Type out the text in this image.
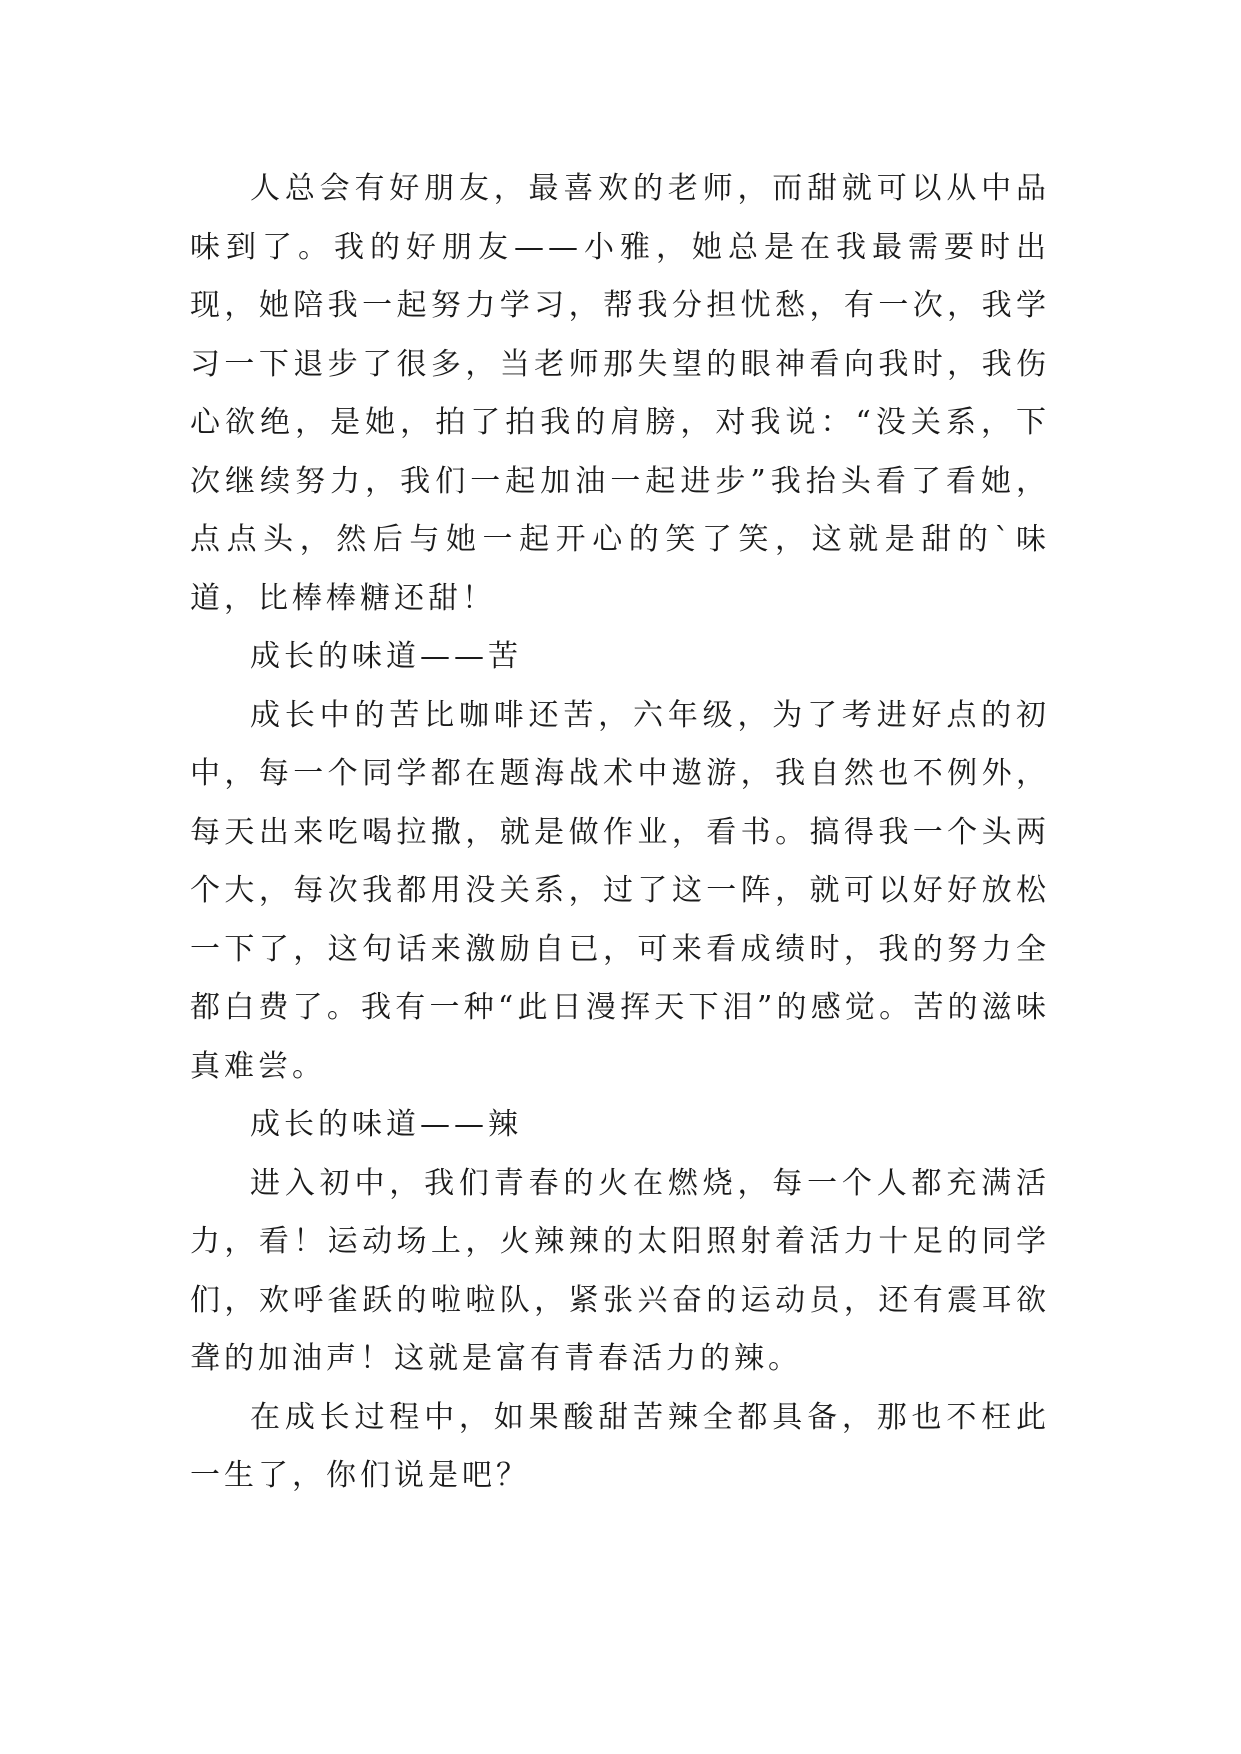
人总会有好朋友，最喜欢的老师，而甜就可以从中品味到了。我的好朋友——小雅，她总是在我最需要时出现，她陪我一起努力学习，帮我分担忧愁，有一次，我学习一下退步了很多，当老师那失望的眼神看向我时，我伤心欲绝，是她，拍了拍我的肩膀，对我说：“没关系，下次继续努力，我们一起加油一起进步”我抬头看了看她，点点头，然后与她一起开心的笑了笑，这就是甜的`味道，比棒棒糖还甜！

成长的味道——苦

成长中的苦比咖啡还苦，六年级，为了考进好点的初中，每一个同学都在题海战术中遨游，我自然也不例外，每天出来吃喝拉撒，就是做作业，看书。搞得我一个头两个大，每次我都用没关系，过了这一阵，就可以好好放松一下了，这句话来激励自已，可来看成绩时，我的努力全都白费了。我有一种“此日漫挥天下泪”的感觉。苦的滋味真难尝。

成长的味道——辣

进入初中，我们青春的火在燃烧，每一个人都充满活力，看！运动场上，火辣辣的太阳照射着活力十足的同学们，欢呼雀跃的啦啦队，紧张兴奋的运动员，还有震耳欲聋的加油声！这就是富有青春活力的辣。

在成长过程中，如果酸甜苦辣全都具备，那也不枉此一生了，你们说是吧？
